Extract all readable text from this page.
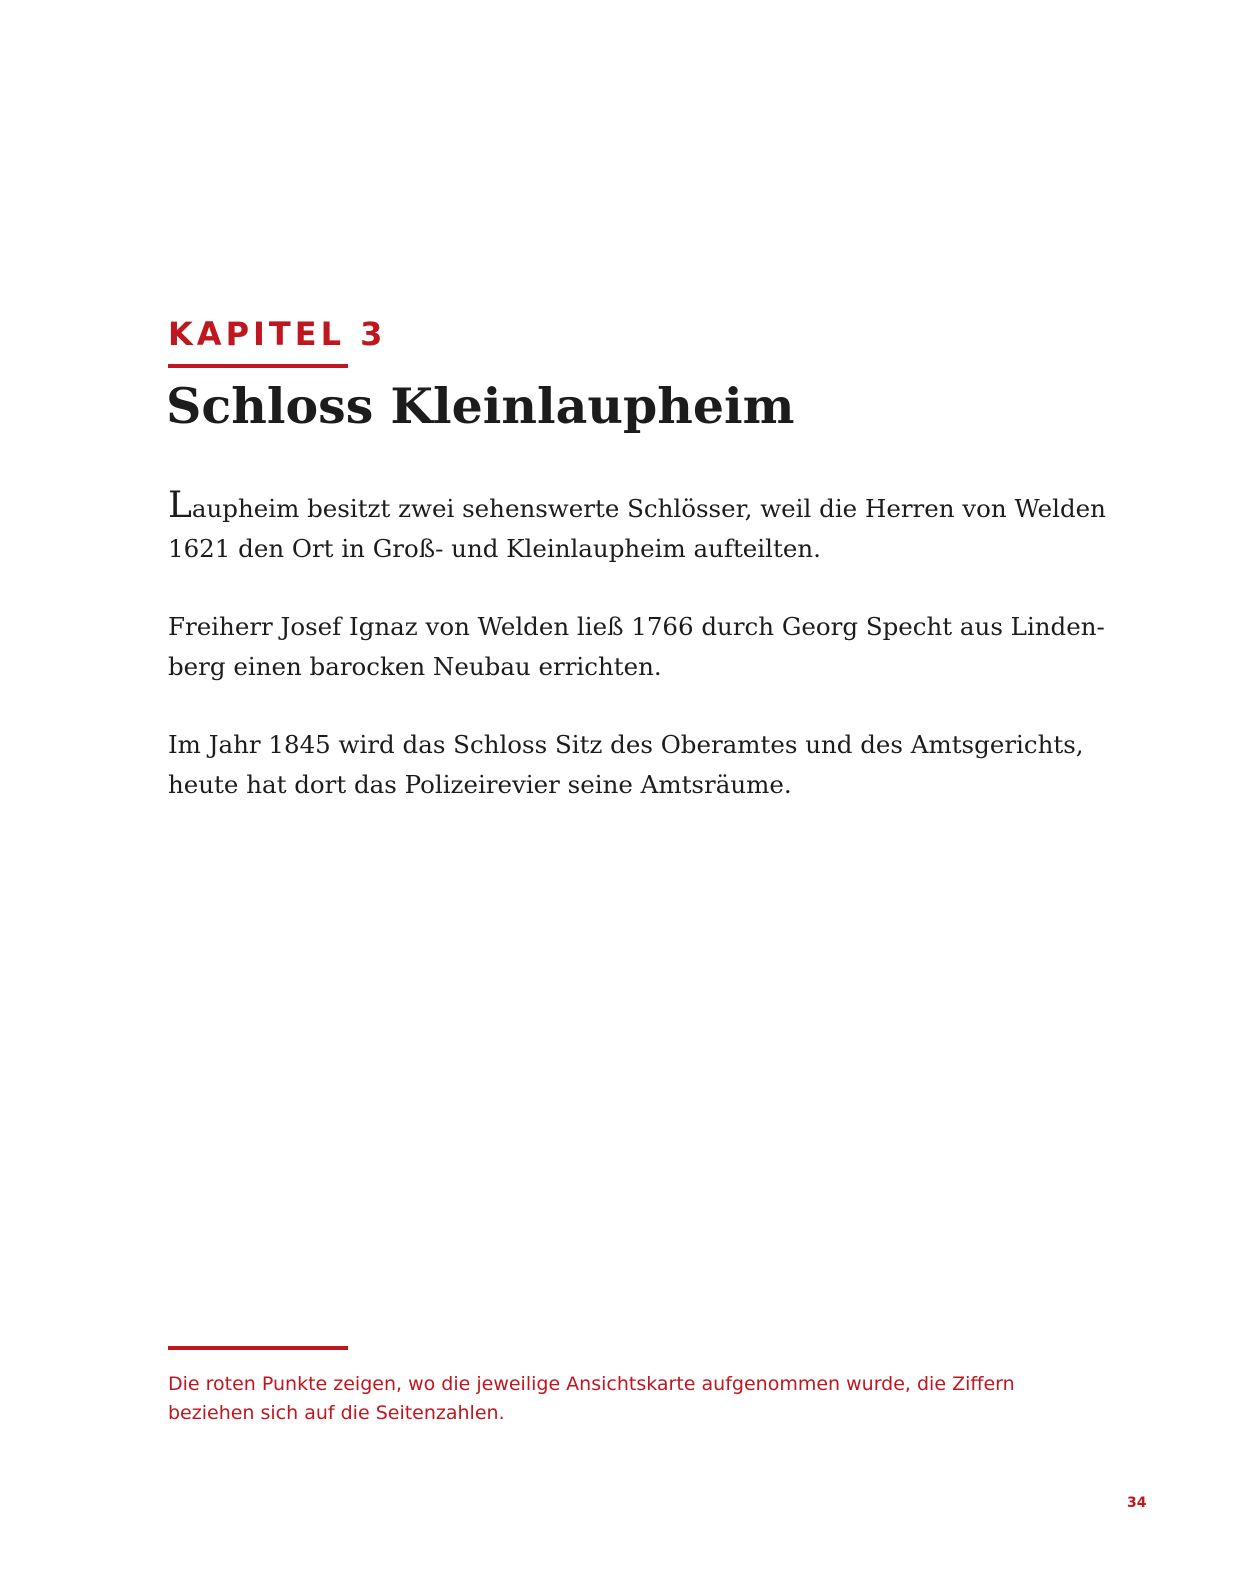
KAPITEL 3
Schloss Kleinlaupheim

Laupheim besitzt zwei sehenswerte Schlösser, weil die Herren von Welden
1621 den Ort in Groß- und Kleinlaupheim aufteilten.

Freiherr Josef Ignaz von Welden ließ 1766 durch Georg Specht aus Linden-
berg einen barocken Neubau errichten.

Im Jahr 1845 wird das Schloss Sitz des Oberamtes und des Amtsgerichts,
heute hat dort das Polizeirevier seine Amtsräume.

Die roten Punkte zeigen, wo die jeweilige Ansichtskarte aufgenommen wurde, die Ziffern
beziehen sich auf die Seitenzahlen.

34
